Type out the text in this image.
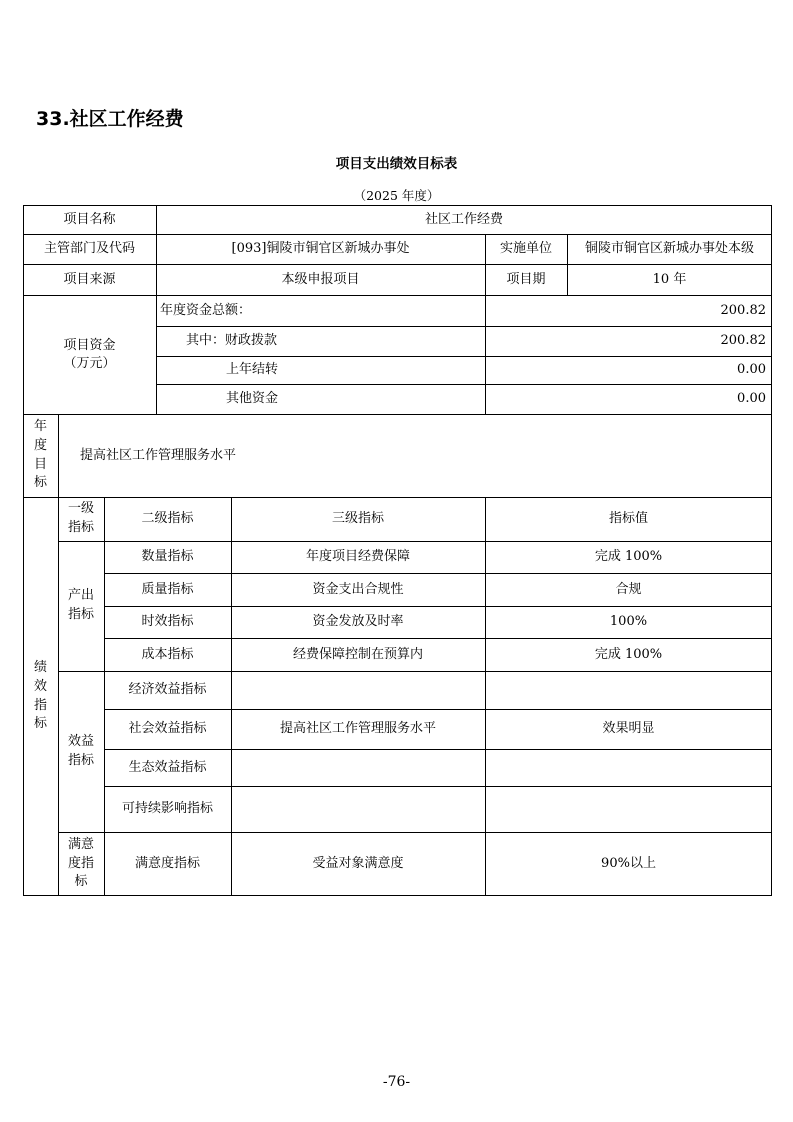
33.社区工作经费
项目支出绩效目标表
（2025 年度）
项目名称	社区工作经费
主管部门及代码	[093]铜陵市铜官区新城办事处	实施单位	铜陵市铜官区新城办事处本级
项目来源	本级申报项目	项目期	10 年
项目资金
（万元）
年度资金总额：	200.82
其中：财政拨款	200.82
上年结转	0.00
其他资金	0.00
年
度
目
标
提高社区工作管理服务水平
绩
效
指
标
一级
指标
二级指标	三级指标	指标值
产出
指标
数量指标	年度项目经费保障	完成 100%
质量指标	资金支出合规性	合规
时效指标	资金发放及时率	100%
成本指标	经费保障控制在预算内	完成 100%
效益
指标
经济效益指标
社会效益指标	提高社区工作管理服务水平	效果明显
生态效益指标
可持续影响指标
满意
度指
标
满意度指标	受益对象满意度	90%以上
-76-
